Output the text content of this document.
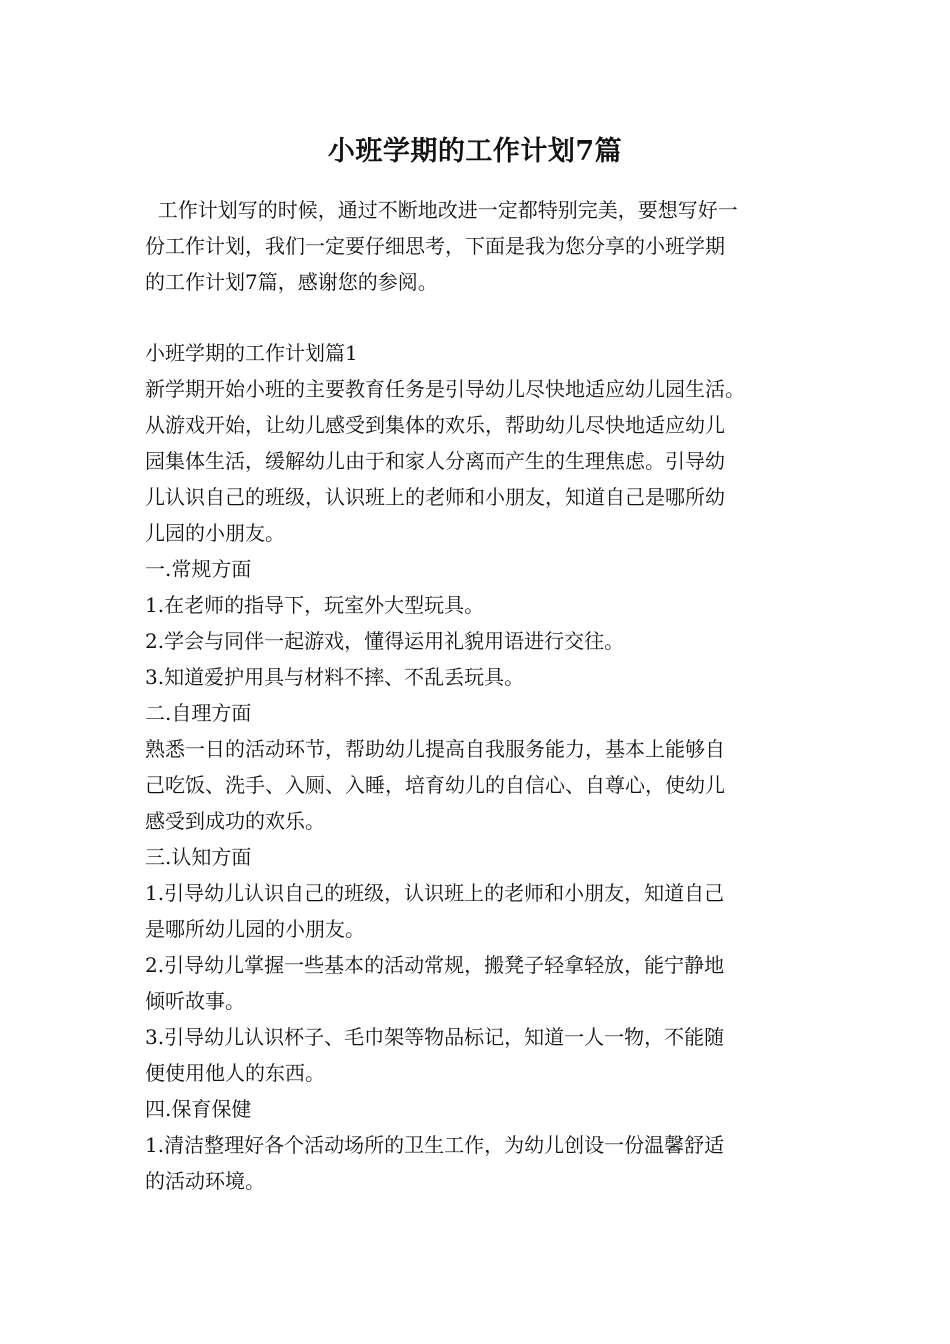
小班学期的工作计划7篇
工作计划写的时候，通过不断地改进一定都特别完美，要想写好一
份工作计划，我们一定要仔细思考，下面是我为您分享的小班学期
的工作计划7篇，感谢您的参阅。
小班学期的工作计划篇1
新学期开始小班的主要教育任务是引导幼儿尽快地适应幼儿园生活。
从游戏开始，让幼儿感受到集体的欢乐，帮助幼儿尽快地适应幼儿
园集体生活，缓解幼儿由于和家人分离而产生的生理焦虑。引导幼
儿认识自己的班级，认识班上的老师和小朋友，知道自己是哪所幼
儿园的小朋友。
一.常规方面
1.在老师的指导下，玩室外大型玩具。
2.学会与同伴一起游戏，懂得运用礼貌用语进行交往。
3.知道爱护用具与材料不摔、不乱丢玩具。
二.自理方面
熟悉一日的活动环节，帮助幼儿提高自我服务能力，基本上能够自
己吃饭、洗手、入厕、入睡，培育幼儿的自信心、自尊心，使幼儿
感受到成功的欢乐。
三.认知方面
1.引导幼儿认识自己的班级，认识班上的老师和小朋友，知道自己
是哪所幼儿园的小朋友。
2.引导幼儿掌握一些基本的活动常规，搬凳子轻拿轻放，能宁静地
倾听故事。
3.引导幼儿认识杯子、毛巾架等物品标记，知道一人一物，不能随
便使用他人的东西。
四.保育保健
1.清洁整理好各个活动场所的卫生工作，为幼儿创设一份温馨舒适
的活动环境。
